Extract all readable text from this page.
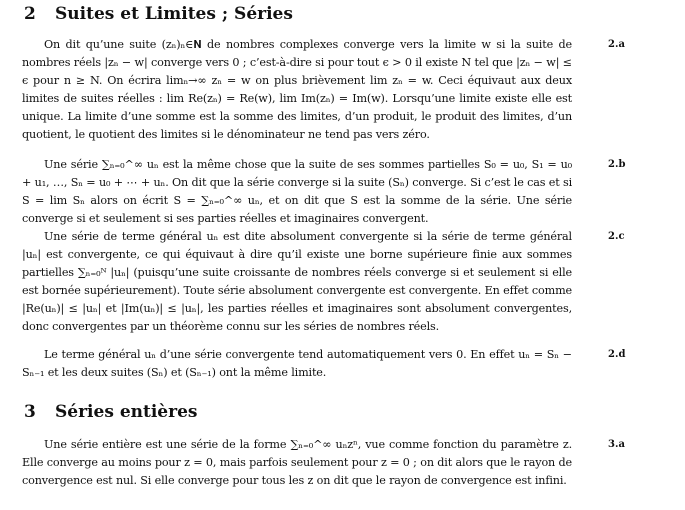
2 Suites et Limites ; Séries
On dit qu’une suite (zₙ)ₙ∈𝐍 de nombres complexes converge vers la limite w si la suite de nombres réels |zₙ − w| converge vers 0 ; c’est-à-dire si pour tout ϵ > 0 il existe N tel que |zₙ − w| ≤ ϵ pour n ≥ N. On écrira limₙ→∞ zₙ = w on plus brièvement lim zₙ = w. Ceci équivaut aux deux limites de suites réelles : lim Re(zₙ) = Re(w), lim Im(zₙ) = Im(w). Lorsqu’une limite existe elle est unique. La limite d’une somme est la somme des limites, d’un produit, le produit des limites, d’un quotient, le quotient des limites si le dénominateur ne tend pas vers zéro.
2.a
Une série ∑ₙ₌₀^∞ uₙ est la même chose que la suite de ses sommes partielles S₀ = u₀, S₁ = u₀ + u₁, …, Sₙ = u₀ + ⋯ + uₙ. On dit que la série converge si la suite (Sₙ) converge. Si c’est le cas et si S = lim Sₙ alors on écrit S = ∑ₙ₌₀^∞ uₙ, et on dit que S est la somme de la série. Une série converge si et seulement si ses parties réelles et imaginaires convergent.
2.b
Une série de terme général uₙ est dite absolument convergente si la série de terme général |uₙ| est convergente, ce qui équivaut à dire qu’il existe une borne supérieure finie aux sommes partielles ∑ₙ₌₀ᴺ |uₙ| (puisqu’une suite croissante de nombres réels converge si et seulement si elle est bornée supérieurement). Toute série absolument convergente est convergente. En effet comme |Re(uₙ)| ≤ |uₙ| et |Im(uₙ)| ≤ |uₙ|, les parties réelles et imaginaires sont absolument convergentes, donc convergentes par un théorème connu sur les séries de nombres réels.
2.c
Le terme général uₙ d’une série convergente tend automatiquement vers 0. En effet uₙ = Sₙ − Sₙ₋₁ et les deux suites (Sₙ) et (Sₙ₋₁) ont la même limite.
2.d
3 Séries entières
Une série entière est une série de la forme ∑ₙ₌₀^∞ uₙzⁿ, vue comme fonction du paramètre z. Elle converge au moins pour z = 0, mais parfois seulement pour z = 0 ; on dit alors que le rayon de convergence est nul. Si elle converge pour tous les z on dit que le rayon de convergence est infini.
3.a
